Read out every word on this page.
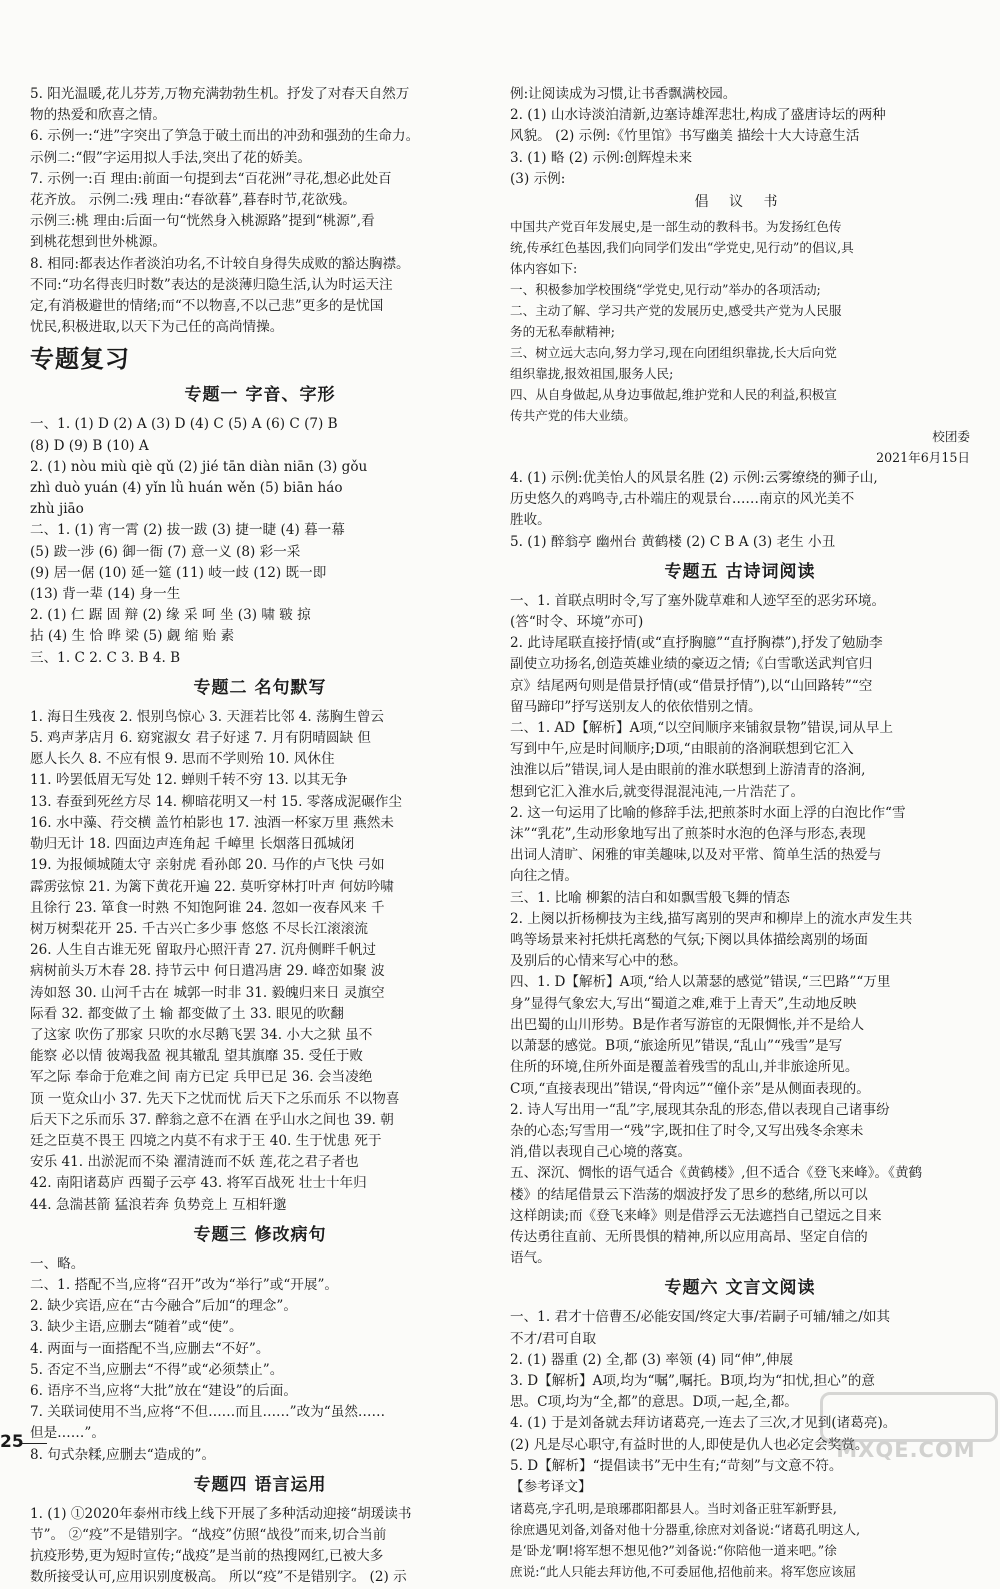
5. 阳光温暖,花儿芬芳,万物充满勃勃生机。抒发了对春天自然万
物的热爱和欣喜之情。
6. 示例一:“进”字突出了笋急于破土而出的冲劲和强劲的生命力。
示例二:“假”字运用拟人手法,突出了花的娇美。
7. 示例一:百 理由:前面一句提到去“百花洲”寻花,想必此处百
花齐放。 示例二:残 理由:“春欲暮”,暮春时节,花欲残。
示例三:桃 理由:后面一句“恍然身入桃源路”提到“桃源”,看
到桃花想到世外桃源。
8. 相同:都表达作者淡泊功名,不计较自身得失成败的豁达胸襟。
不同:“功名得丧归时数”表达的是淡薄归隐生活,认为时运天注
定,有消极避世的情绪;而“不以物喜,不以己悲”更多的是忧国
忧民,积极进取,以天下为己任的高尚情操。
专题复习
专题一 字音、字形
一、1. (1) D (2) A (3) D (4) C (5) A (6) C (7) B
(8) D (9) B (10) A
2. (1) nòu miù qiè qǔ (2) jié tān diàn niān (3) gǒu
zhì duò yuán (4) yǐn lǜ huán wěn (5) biān háo
zhù jiāo
二、1. (1) 宵一霄 (2) 拔一跋 (3) 捷一睫 (4) 暮一幕
(5) 跋一涉 (6) 御一衙 (7) 意一义 (8) 彩一采
(9) 居一倨 (10) 延一筵 (11) 岐一歧 (12) 既一即
(13) 背一辈 (14) 身一生
2. (1) 仁 踞 固 辩 (2) 缘 采 呵 坐 (3) 啸 皲 掠
拈 (4) 生 恰 晔 梁 (5) 觑 缩 贻 素
三、1. C 2. C 3. B 4. B
专题二 名句默写
1. 海日生残夜 2. 恨别鸟惊心 3. 天涯若比邻 4. 荡胸生曾云
5. 鸡声茅店月 6. 窈窕淑女 君子好逑 7. 月有阴晴圆缺 但
愿人长久 8. 不应有恨 9. 思而不学则殆 10. 风休住
11. 吟罢低眉无写处 12. 蝉则千转不穷 13. 以其无争
13. 春蚕到死丝方尽 14. 柳暗花明又一村 15. 零落成泥碾作尘
16. 水中藻、荇交横 盖竹柏影也 17. 浊酒一杯家万里 燕然未
勒归无计 18. 四面边声连角起 千嶂里 长烟落日孤城闭
19. 为报倾城随太守 亲射虎 看孙郎 20. 马作的卢飞快 弓如
霹雳弦惊 21. 为篱下黄花开遍 22. 莫听穿林打叶声 何妨吟啸
且徐行 23. 箪食一时熟 不知饱阿谁 24. 忽如一夜春风来 千
树万树梨花开 25. 千古兴亡多少事 悠悠 不尽长江滚滚流
26. 人生自古谁无死 留取丹心照汗青 27. 沉舟侧畔千帆过
病树前头万木春 28. 持节云中 何日遣冯唐 29. 峰峦如聚 波
涛如怒 30. 山河千古在 城郭一时非 31. 毅魄归来日 灵旗空
际看 32. 都变做了土 输 都变做了土 33. 眼见的吹翻
了这家 吹伤了那家 只吹的水尽鹅飞罢 34. 小大之狱 虽不
能察 必以情 彼竭我盈 视其辙乱 望其旗靡 35. 受任于败
军之际 奉命于危难之间 南方已定 兵甲已足 36. 会当凌绝
顶 一览众山小 37. 先天下之忧而忧 后天下之乐而乐 不以物喜
后天下之乐而乐 37. 醉翁之意不在酒 在乎山水之间也 39. 朝
廷之臣莫不畏王 四境之内莫不有求于王 40. 生于忧患 死于
安乐 41. 出淤泥而不染 濯清涟而不妖 莲,花之君子者也
42. 南阳诸葛庐 西蜀子云亭 43. 将军百战死 壮士十年归
44. 急湍甚箭 猛浪若奔 负势竞上 互相轩邈
专题三 修改病句
一、略。
二、1. 搭配不当,应将“召开”改为“举行”或“开展”。
2. 缺少宾语,应在“古今融合”后加“的理念”。
3. 缺少主语,应删去“随着”或“使”。
4. 两面与一面搭配不当,应删去“不好”。
5. 否定不当,应删去“不得”或“必须禁止”。
6. 语序不当,应将“大批”放在“建设”的后面。
7. 关联词使用不当,应将“不但……而且……”改为“虽然……
但是……”。
8. 句式杂糅,应删去“造成的”。
专题四 语言运用
1. (1) ①2020年泰州市线上线下开展了多种活动迎接“胡瑗读书
节”。 ②“疫”不是错别字。“战疫”仿照“战役”而来,切合当前
抗疫形势,更为短时宣传;“战疫”是当前的热搜网红,已被大多
数所接受认可,应用识别度极高。 所以“疫”不是错别字。 (2) 示
例:让阅读成为习惯,让书香飘满校园。
2. (1) 山水诗淡泊清新,边塞诗雄浑悲壮,构成了盛唐诗坛的两种
风貌。 (2) 示例:《竹里馆》书写幽美 描绘十大大诗意生活
3. (1) 略 (2) 示例:创辉煌未来
(3) 示例:
倡 议 书
中国共产党百年发展史,是一部生动的教科书。为发扬红色传
统,传承红色基因,我们向同学们发出“学党史,见行动”的倡议,具
体内容如下:
一、积极参加学校围绕“学党史,见行动”举办的各项活动;
二、主动了解、学习共产党的发展历史,感受共产党为人民服
务的无私奉献精神;
三、树立远大志向,努力学习,现在向团组织靠拢,长大后向党
组织靠拢,报效祖国,服务人民;
四、从自身做起,从身边事做起,维护党和人民的利益,积极宣
传共产党的伟大业绩。
校团委
2021年6月15日
4. (1) 示例:优美怡人的风景名胜 (2) 示例:云雾缭绕的狮子山,
历史悠久的鸡鸣寺,古朴端庄的观景台……南京的风光美不
胜收。
5. (1) 醉翁亭 幽州台 黄鹤楼 (2) C B A (3) 老生 小丑
专题五 古诗词阅读
一、1. 首联点明时令,写了塞外陇草难和人迹罕至的恶劣环境。
(答“时令、环境”亦可)
2. 此诗尾联直接抒情(或“直抒胸臆”“直抒胸襟”),抒发了勉励李
副使立功扬名,创造英雄业绩的豪迈之情;《白雪歌送武判官归
京》结尾两句则是借景抒情(或“借景抒情”),以“山回路转”“空
留马蹄印”抒写送别友人的依依惜别之情。
二、1. AD【解析】A项,“以空间顺序来铺叙景物”错误,词从早上
写到中午,应是时间顺序;D项,“由眼前的洛涧联想到它汇入
浊淮以后”错误,词人是由眼前的淮水联想到上游清青的洛涧,
想到它汇入淮水后,就变得混混沌沌,一片浩茫了。
2. 这一句运用了比喻的修辞手法,把煎茶时水面上浮的白泡比作“雪
沫”“乳花”,生动形象地写出了煎茶时水泡的色泽与形态,表现
出词人清旷、闲雅的审美趣味,以及对平常、简单生活的热爱与
向往之情。
三、1. 比喻 柳絮的洁白和如飘雪般飞舞的情态
2. 上阕以折杨柳技为主线,描写离别的哭声和柳岸上的流水声发生共
鸣等场景来衬托烘托离愁的气氛;下阕以具体描绘离别的场面
及别后的心情来写心中的愁。
四、1. D【解析】A项,“给人以萧瑟的感觉”错误,“三巴路”“万里
身”显得气象宏大,写出“蜀道之难,难于上青天”,生动地反映
出巴蜀的山川形势。B是作者写游宦的无限惆怅,并不是给人
以萧瑟的感觉。B项,“旅途所见”错误,“乱山”“残雪”是写
住所的环境,住所外面是覆盖着残雪的乱山,并非旅途所见。
C项,“直接表现出”错误,“骨肉远”“僮仆亲”是从侧面表现的。
2. 诗人写出用一“乱”字,展现其杂乱的形态,借以表现自己诸事纷
杂的心态;写雪用一“残”字,既扣住了时令,又写出残冬余寒未
消,借以表现自己心境的落寞。
五、深沉、惆怅的语气适合《黄鹤楼》,但不适合《登飞来峰》。《黄鹤
楼》的结尾借景云下浩荡的烟波抒发了思乡的愁绪,所以可以
这样朗读;而《登飞来峰》则是借浮云无法遮挡自己望远之目来
传达勇往直前、无所畏惧的精神,所以应用高昂、坚定自信的
语气。
专题六 文言文阅读
一、1. 君才十倍曹丕/必能安国/终定大事/若嗣子可辅/辅之/如其
不才/君可自取
2. (1) 器重 (2) 全,都 (3) 率领 (4) 同“伸”,伸展
3. D【解析】A项,均为“嘱”,嘱托。B项,均为“扣忧,担心”的意
思。C项,均为“全,都”的意思。D项,一起,全,都。
4. (1) 于是刘备就去拜访诸葛亮,一连去了三次,才见到(诸葛亮)。
(2) 凡是尽心职守,有益时世的人,即使是仇人也必定会奖赏。
5. D【解析】“提倡读书”无中生有;“苛刻”与文意不符。
【参考译文】
诸葛亮,字孔明,是琅琊郡阳都县人。当时刘备正驻军新野县,
徐庶遇见刘备,刘备对他十分器重,徐庶对刘备说:“诸葛孔明这人,
是‘卧龙’啊!将军想不想见他?”刘备说:“你陪他一道来吧。”徐
庶说:“此人只能去拜访他,不可委屈他,招他前来。将军您应该屈
25	MXQE.COM
